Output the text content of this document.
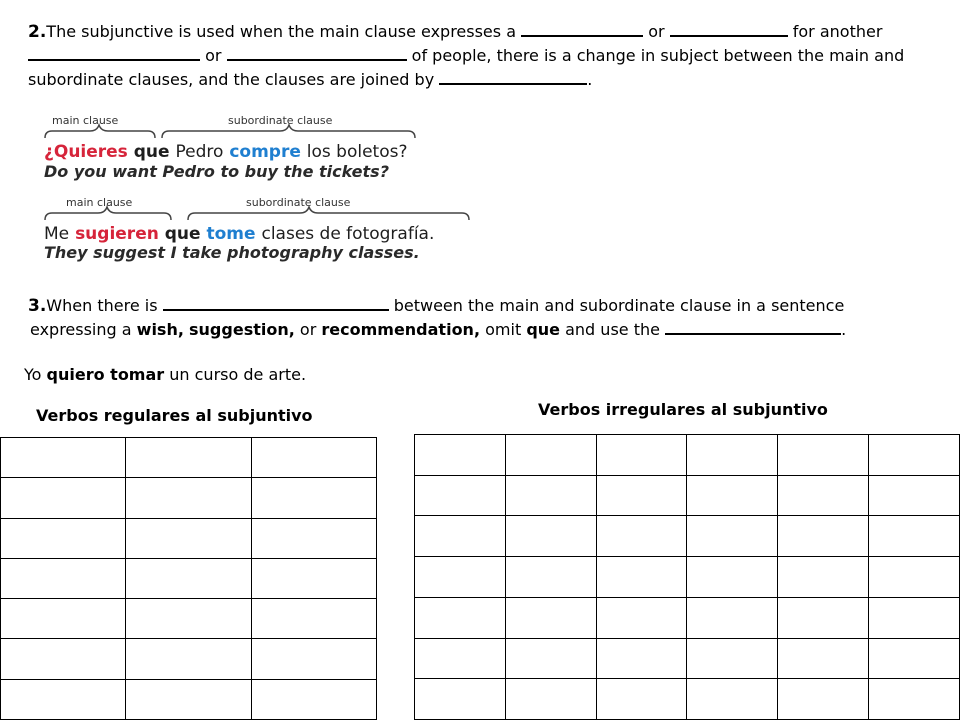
2.The subjunctive is used when the main clause expresses a	or	for another
or	of people, there is a change in subject between the main and
subordinate clauses, and the clauses are joined by	.
main clause	subordinate clause
¿Quieres que Pedro compre los boletos?
Do you want Pedro to buy the tickets?
main clause	subordinate clause
Me sugieren que tome clases de fotografía.
They suggest I take photography classes.
3.When there is	between the main and subordinate clause in a sentence
expressing a wish, suggestion, or recommendation, omit que and use the	.
Yo quiero tomar un curso de arte.
Verbos regulares al subjuntivo	Verbos irregulares al subjuntivo
